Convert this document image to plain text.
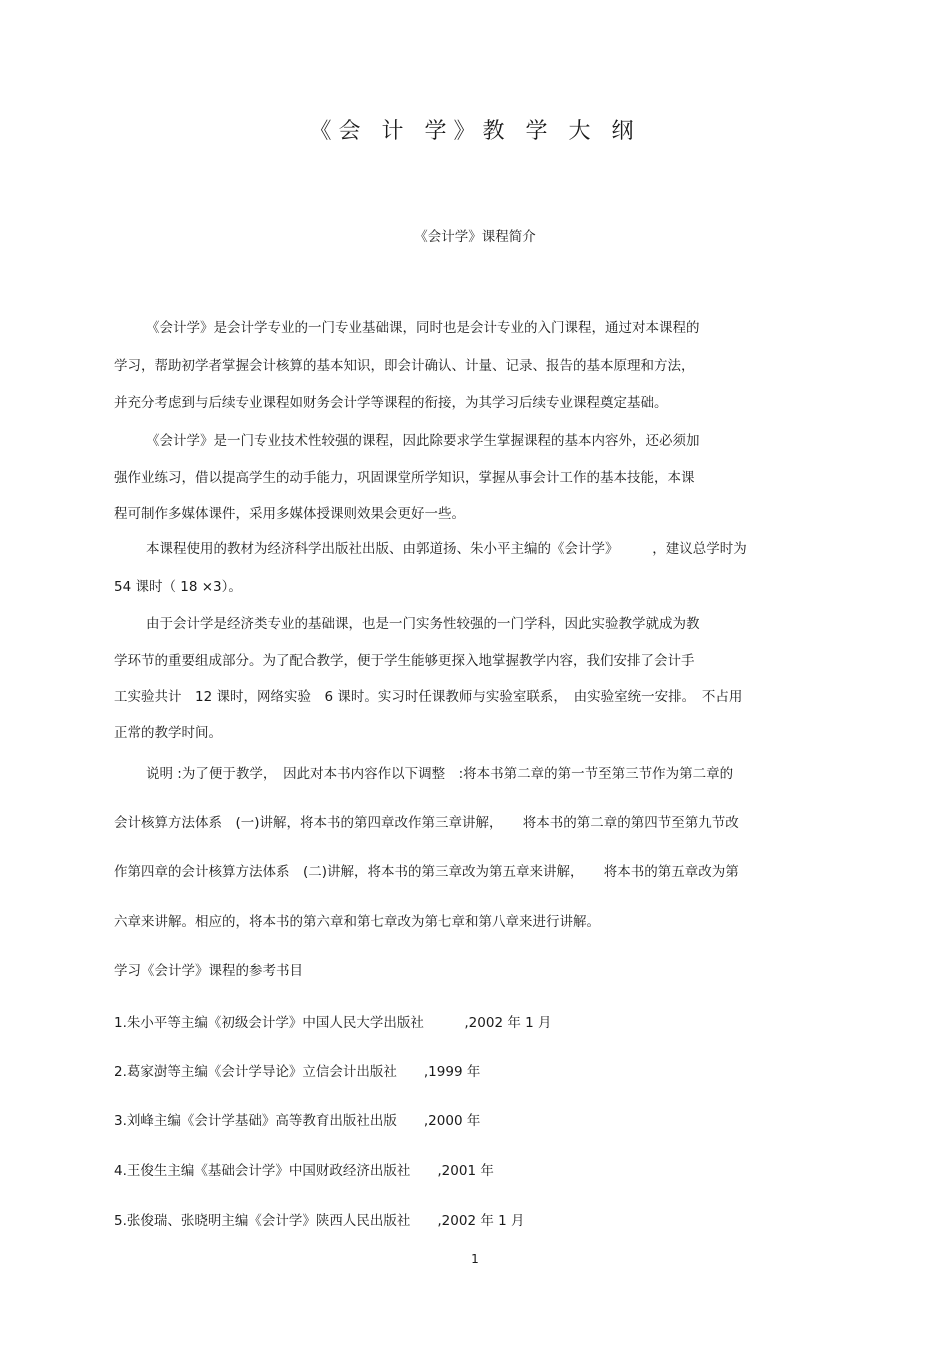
《会 计 学》教 学 大 纲
《会计学》课程简介
《会计学》是会计学专业的一门专业基础课，同时也是会计专业的入门课程，通过对本课程的
学习，帮助初学者掌握会计核算的基本知识，即会计确认、计量、记录、报告的基本原理和方法，
并充分考虑到与后续专业课程如财务会计学等课程的衔接，为其学习后续专业课程奠定基础。
《会计学》是一门专业技术性较强的课程，因此除要求学生掌握课程的基本内容外，还必须加
强作业练习，借以提高学生的动手能力，巩固课堂所学知识，掌握从事会计工作的基本技能，本课
程可制作多媒体课件，采用多媒体授课则效果会更好一些。
本课程使用的教材为经济科学出版社出版、由郭道扬、朱小平主编的《会计学》　　　，建议总学时为
54 课时（ 18 ×3）。
由于会计学是经济类专业的基础课，也是一门实务性较强的一门学科，因此实验教学就成为教
学环节的重要组成部分。为了配合教学，便于学生能够更探入地掌握教学内容，我们安排了会计手
工实验共计　12 课时，网络实验　6 课时。实习时任课教师与实验室联系，　由实验室统一安排。　不占用
正常的教学时间。
说明 :为了便于教学，　因此对本书内容作以下调整　:将本书第二章的第一节至第三节作为第二章的
会计核算方法体系　(一)讲解，将本书的第四章改作第三章讲解，　　将本书的第二章的第四节至第九节改
作第四章的会计核算方法体系　(二)讲解，将本书的第三章改为第五章来讲解，　　将本书的第五章改为第
六章来讲解。相应的，将本书的第六章和第七章改为第七章和第八章来进行讲解。
学习《会计学》课程的参考书目
1.朱小平等主编《初级会计学》中国人民大学出版社　　　,2002 年 1 月
2.葛家澍等主编《会计学导论》立信会计出版社　　,1999 年
3.刘峰主编《会计学基础》高等教育出版社出版　　,2000 年
4.王俊生主编《基础会计学》中国财政经济出版社　　,2001 年
5.张俊瑞、张晓明主编《会计学》陕西人民出版社　　,2002 年 1 月
1
